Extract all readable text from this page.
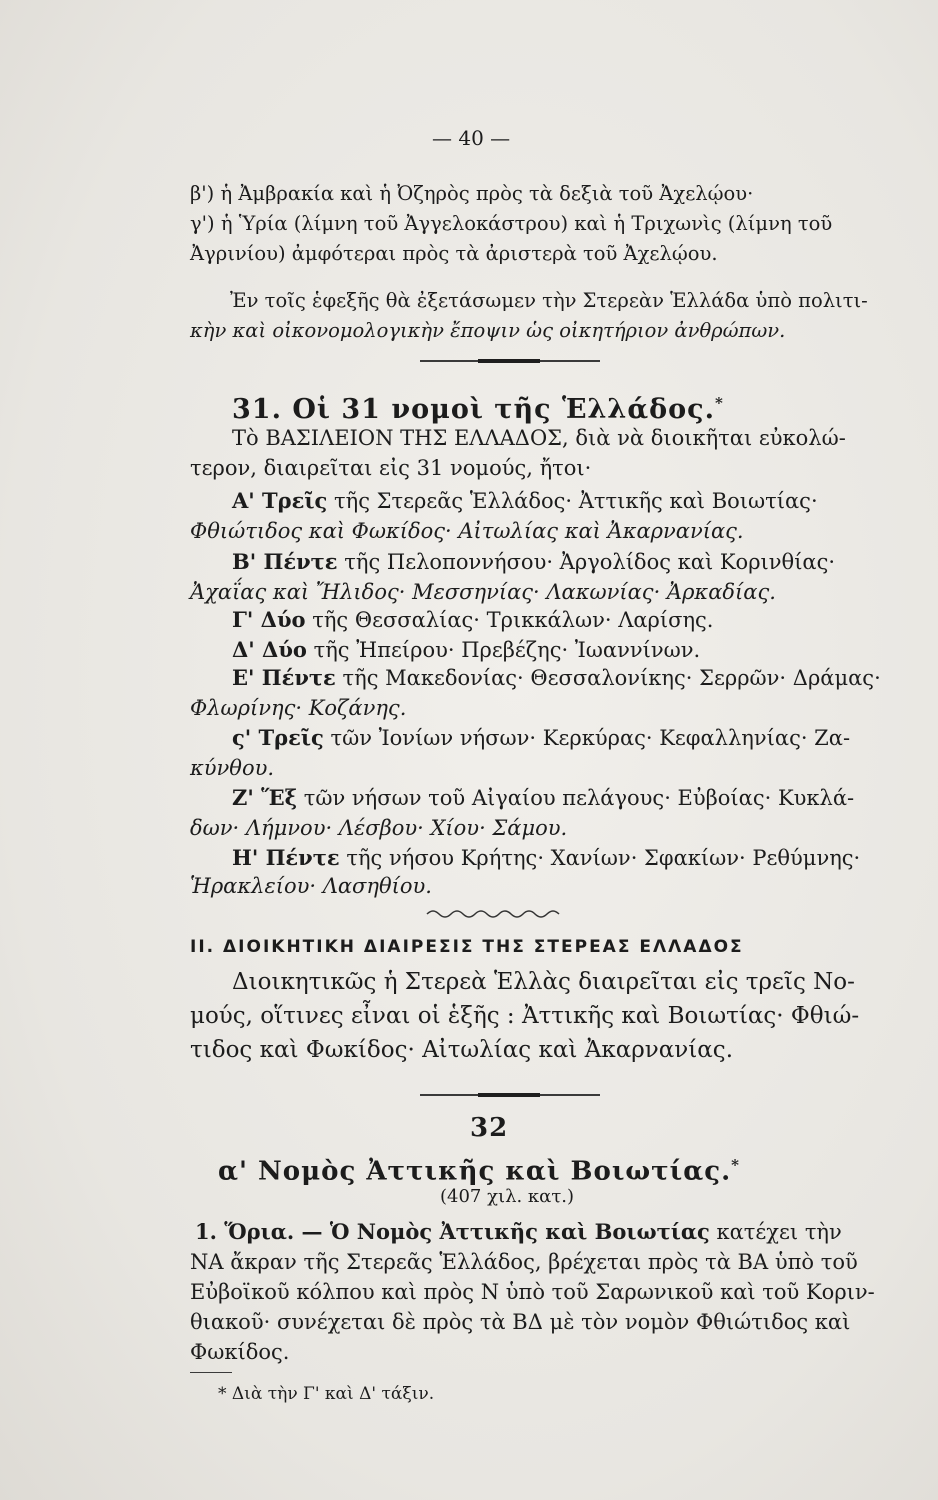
— 40 —
β') ἡ Ἀμβρακία καὶ ἡ Ὀζηρὸς πρὸς τὰ δεξιὰ τοῦ Ἀχελῴου·
γ') ἡ Ὑρία (λίμνη τοῦ Ἀγγελοκάστρου) καὶ ἡ Τριχωνὶς (λίμνη τοῦ
Ἀγρινίου) ἀμφότεραι πρὸς τὰ ἀριστερὰ τοῦ Ἀχελῴου.
Ἐν τοῖς ἑφεξῆς θὰ ἐξετάσωμεν τὴν Στερεὰν Ἑλλάδα ὑπὸ πολιτι-
κὴν καὶ οἰκονομολογικὴν ἔποψιν ὡς οἰκητήριον ἀνθρώπων.
31. Οἱ 31 νομοὶ τῆς Ἑλλάδος.*
Τὸ ΒΑΣΙΛΕΙΟΝ ΤΗΣ ΕΛΛΑΔΟΣ, διὰ νὰ διοικῆται εὐκολώ-
τερον, διαιρεῖται εἰς 31 νομούς, ἤτοι·
Α' Τρεῖς τῆς Στερεᾶς Ἑλλάδος· Ἀττικῆς καὶ Βοιωτίας·
Φθιώτιδος καὶ Φωκίδος· Αἰτωλίας καὶ Ἀκαρνανίας.
Β' Πέντε τῆς Πελοποννήσου· Ἀργολίδος καὶ Κορινθίας·
Ἀχαΐας καὶ Ἤλιδος· Μεσσηνίας· Λακωνίας· Ἀρκαδίας.
Γ' Δύο τῆς Θεσσαλίας· Τρικκάλων· Λαρίσης.
Δ' Δύο τῆς Ἠπείρου· Πρεβέζης· Ἰωαννίνων.
Ε' Πέντε τῆς Μακεδονίας· Θεσσαλονίκης· Σερρῶν· Δράμας·
Φλωρίνης· Κοζάνης.
ς' Τρεῖς τῶν Ἰονίων νήσων· Κερκύρας· Κεφαλληνίας· Ζα-
κύνθου.
Ζ' Ἕξ τῶν νήσων τοῦ Αἰγαίου πελάγους· Εὐβοίας· Κυκλά-
δων· Λήμνου· Λέσβου· Χίου· Σάμου.
Η' Πέντε τῆς νήσου Κρήτης· Χανίων· Σφακίων· Ρεθύμνης·
Ἡρακλείου· Λασηθίου.
ΙΙ. ΔΙΟΙΚΗΤΙΚΗ ΔΙΑΙΡΕΣΙΣ ΤΗΣ ΣΤΕΡΕΑΣ ΕΛΛΑΔΟΣ
Διοικητικῶς ἡ Στερεὰ Ἑλλὰς διαιρεῖται εἰς τρεῖς Νο-
μούς, οἵτινες εἶναι οἱ ἑξῆς : Ἀττικῆς καὶ Βοιωτίας· Φθιώ-
τιδος καὶ Φωκίδος· Αἰτωλίας καὶ Ἀκαρνανίας.
32
α' Νομὸς Ἀττικῆς καὶ Βοιωτίας.*
(407 χιλ. κατ.)
1. Ὅρια. — Ὁ Νομὸς Ἀττικῆς καὶ Βοιωτίας κατέχει τὴν
ΝΑ ἄκραν τῆς Στερεᾶς Ἑλλάδος, βρέχεται πρὸς τὰ ΒΑ ὑπὸ τοῦ
Εὐβοϊκοῦ κόλπου καὶ πρὸς Ν ὑπὸ τοῦ Σαρωνικοῦ καὶ τοῦ Κοριν-
θιακοῦ· συνέχεται δὲ πρὸς τὰ ΒΔ μὲ τὸν νομὸν Φθιώτιδος καὶ
Φωκίδος.
* Διὰ τὴν Γ' καὶ Δ' τάξιν.
